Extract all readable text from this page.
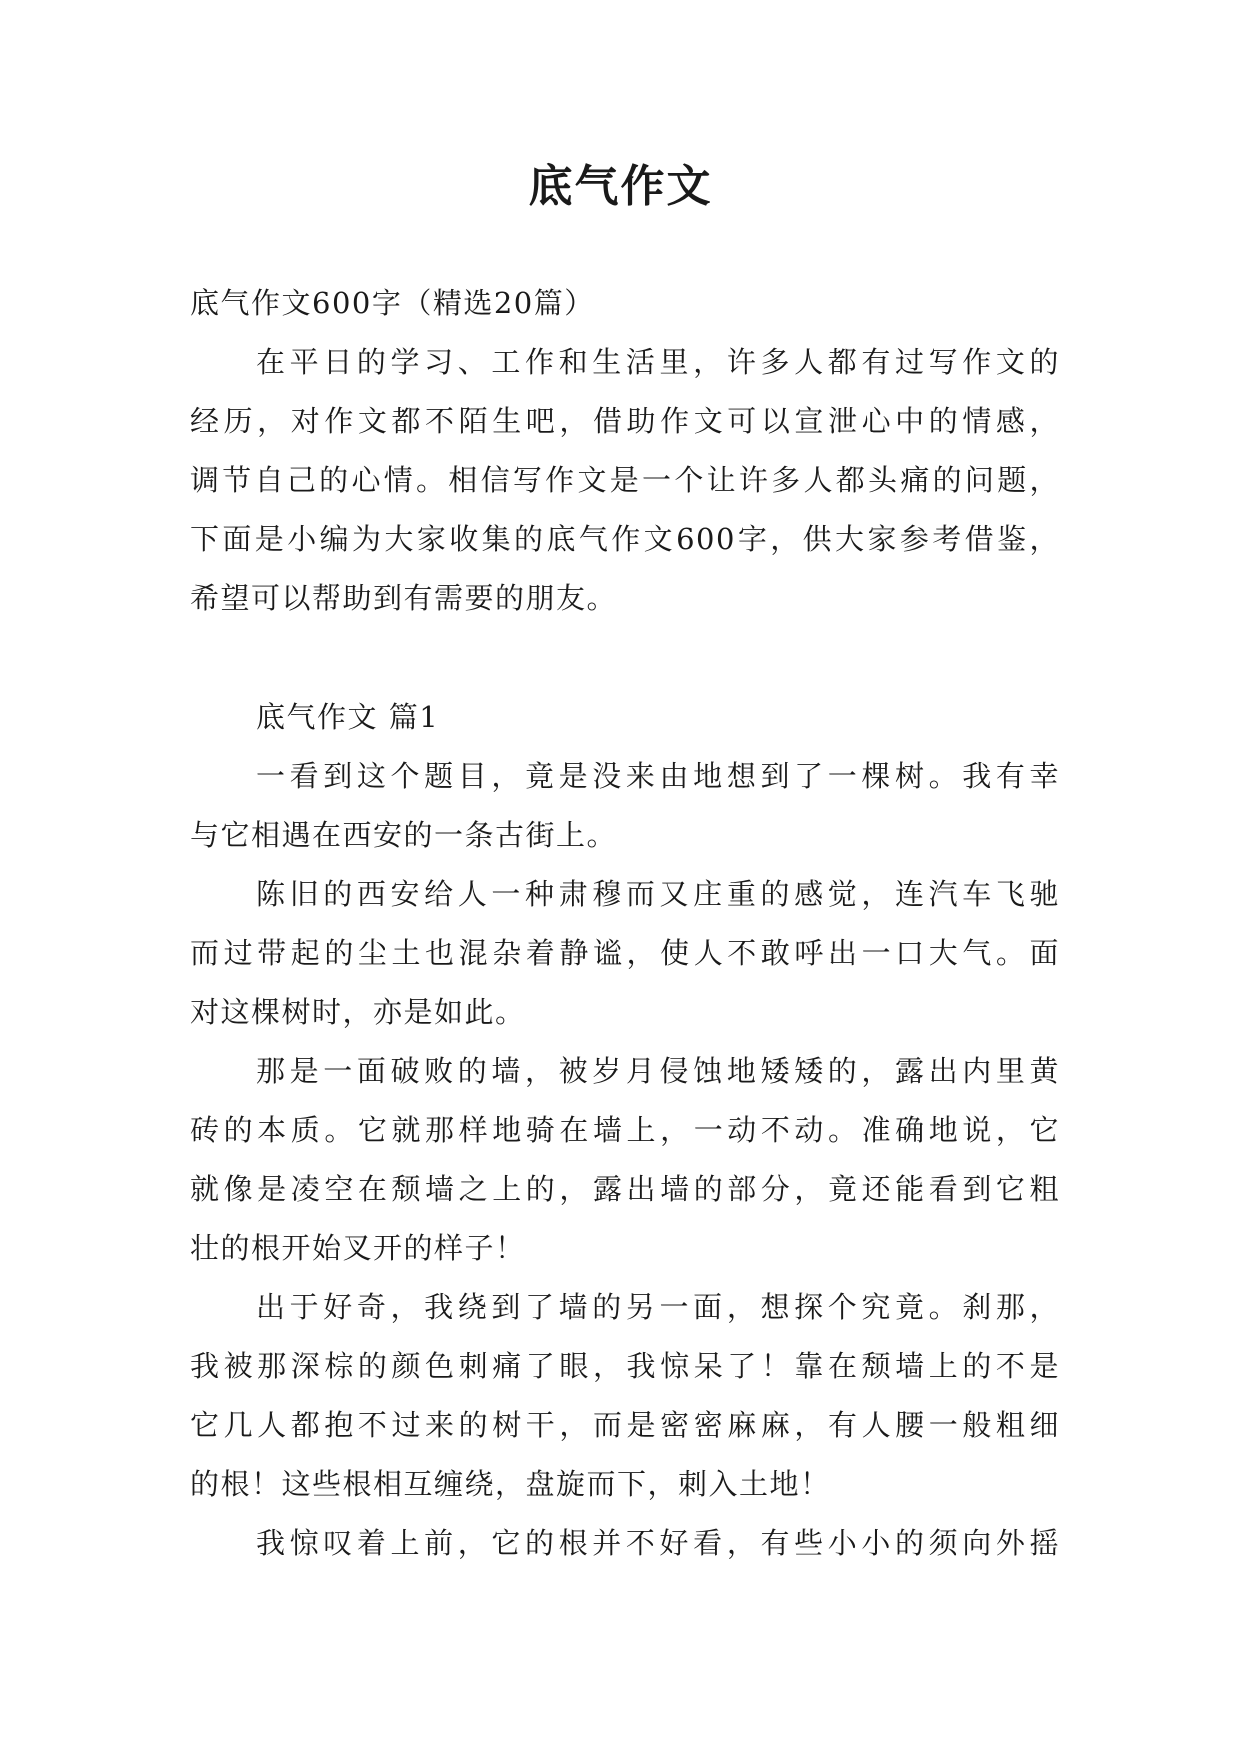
底气作文
底气作文600字（精选20篇）
在平日的学习、工作和生活里，许多人都有过写作文的
经历，对作文都不陌生吧，借助作文可以宣泄心中的情感，
调节自己的心情。相信写作文是一个让许多人都头痛的问题，
下面是小编为大家收集的底气作文600字，供大家参考借鉴，
希望可以帮助到有需要的朋友。
底气作文 篇1
一看到这个题目，竟是没来由地想到了一棵树。我有幸
与它相遇在西安的一条古街上。
陈旧的西安给人一种肃穆而又庄重的感觉，连汽车飞驰
而过带起的尘土也混杂着静谧，使人不敢呼出一口大气。面
对这棵树时，亦是如此。
那是一面破败的墙，被岁月侵蚀地矮矮的，露出内里黄
砖的本质。它就那样地骑在墙上，一动不动。准确地说，它
就像是凌空在颓墙之上的，露出墙的部分，竟还能看到它粗
壮的根开始叉开的样子！
出于好奇，我绕到了墙的另一面，想探个究竟。刹那，
我被那深棕的颜色刺痛了眼，我惊呆了！靠在颓墙上的不是
它几人都抱不过来的树干，而是密密麻麻，有人腰一般粗细
的根！这些根相互缠绕，盘旋而下，刺入土地！
我惊叹着上前，它的根并不好看，有些小小的须向外摇
